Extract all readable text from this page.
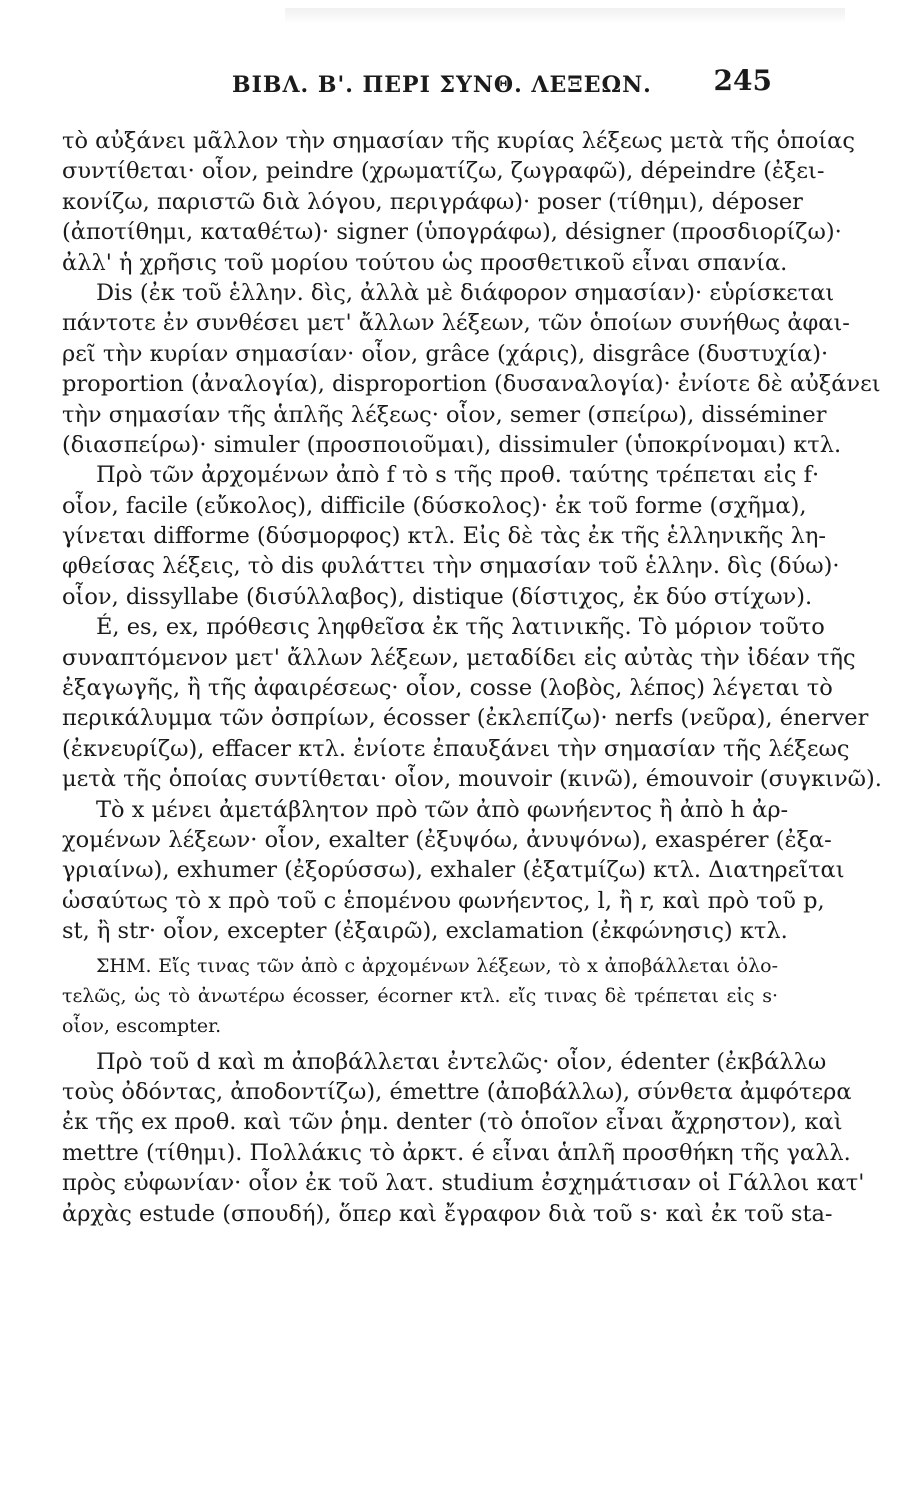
ΒΙΒΛ. Β'. ΠΕΡΙ ΣΥΝΘ. ΛΕΞΕΩΝ. 245
τὸ αὐξάνει μᾶλλον τὴν σημασίαν τῆς κυρίας λέξεως μετὰ τῆς ὁποίας
συντίθεται· οἷον, peindre (χρωματίζω, ζωγραφῶ), dépeindre (ἐξει-
κονίζω, παριστῶ διὰ λόγου, περιγράφω)· poser (τίθημι), déposer
(ἀποτίθημι, καταθέτω)· signer (ὑπογράφω), désigner (προσδιορίζω)·
ἀλλ' ἡ χρῆσις τοῦ μορίου τούτου ὡς προσθετικοῦ εἶναι σπανία.
Dis (ἐκ τοῦ ἑλλην. δὶς, ἀλλὰ μὲ διάφορον σημασίαν)· εὑρίσκεται
πάντοτε ἐν συνθέσει μετ' ἄλλων λέξεων, τῶν ὁποίων συνήθως ἀφαι-
ρεῖ τὴν κυρίαν σημασίαν· οἷον, grâce (χάρις), disgrâce (δυστυχία)·
proportion (ἀναλογία), disproportion (δυσαναλογία)· ἐνίοτε δὲ αὐξάνει
τὴν σημασίαν τῆς ἁπλῆς λέξεως· οἷον, semer (σπείρω), disséminer
(διασπείρω)· simuler (προσποιοῦμαι), dissimuler (ὑποκρίνομαι) κτλ.
Πρὸ τῶν ἀρχομένων ἀπὸ f τὸ s τῆς προθ. ταύτης τρέπεται εἰς f·
οἷον, facile (εὔκολος), difficile (δύσκολος)· ἐκ τοῦ forme (σχῆμα),
γίνεται difforme (δύσμορφος) κτλ. Εἰς δὲ τὰς ἐκ τῆς ἑλληνικῆς λη-
φθείσας λέξεις, τὸ dis φυλάττει τὴν σημασίαν τοῦ ἑλλην. δὶς (δύω)·
οἷον, dissyllabe (δισύλλαβος), distique (δίστιχος, ἐκ δύο στίχων).
É, es, ex, πρόθεσις ληφθεῖσα ἐκ τῆς λατινικῆς. Τὸ μόριον τοῦτο
συναπτόμενον μετ' ἄλλων λέξεων, μεταδίδει εἰς αὐτὰς τὴν ἰδέαν τῆς
ἐξαγωγῆς, ἢ τῆς ἀφαιρέσεως· οἷον, cosse (λοβὸς, λέπος) λέγεται τὸ
περικάλυμμα τῶν ὀσπρίων, écosser (ἐκλεπίζω)· nerfs (νεῦρα), énerver
(ἐκνευρίζω), effacer κτλ. ἐνίοτε ἐπαυξάνει τὴν σημασίαν τῆς λέξεως
μετὰ τῆς ὁποίας συντίθεται· οἷον, mouvoir (κινῶ), émouvoir (συγκινῶ).
Τὸ x μένει ἀμετάβλητον πρὸ τῶν ἀπὸ φωνήεντος ἢ ἀπὸ h ἀρ-
χομένων λέξεων· οἷον, exalter (ἐξυψόω, ἀνυψόνω), exaspérer (ἐξα-
γριαίνω), exhumer (ἐξορύσσω), exhaler (ἐξατμίζω) κτλ. Διατηρεῖται
ὡσαύτως τὸ x πρὸ τοῦ c ἑπομένου φωνήεντος, l, ἢ r, καὶ πρὸ τοῦ p,
st, ἢ str· οἷον, excepter (ἐξαιρῶ), exclamation (ἐκφώνησις) κτλ.
ΣΗΜ. Εἴς τινας τῶν ἀπὸ c ἀρχομένων λέξεων, τὸ x ἀποβάλλεται ὁλο-
τελῶς, ὡς τὸ ἀνωτέρω écosser, écorner κτλ. εἴς τινας δὲ τρέπεται εἰς s·
οἷον, escompter.
Πρὸ τοῦ d καὶ m ἀποβάλλεται ἐντελῶς· οἷον, édenter (ἐκβάλλω
τοὺς ὀδόντας, ἀποδοντίζω), émettre (ἀποβάλλω), σύνθετα ἀμφότερα
ἐκ τῆς ex προθ. καὶ τῶν ῥημ. denter (τὸ ὁποῖον εἶναι ἄχρηστον), καὶ
mettre (τίθημι). Πολλάκις τὸ ἀρκτ. é εἶναι ἁπλῆ προσθήκη τῆς γαλλ.
πρὸς εὐφωνίαν· οἷον ἐκ τοῦ λατ. studium ἐσχημάτισαν οἱ Γάλλοι κατ'
ἀρχὰς estude (σπουδή), ὅπερ καὶ ἔγραφον διὰ τοῦ s· καὶ ἐκ τοῦ sta-
